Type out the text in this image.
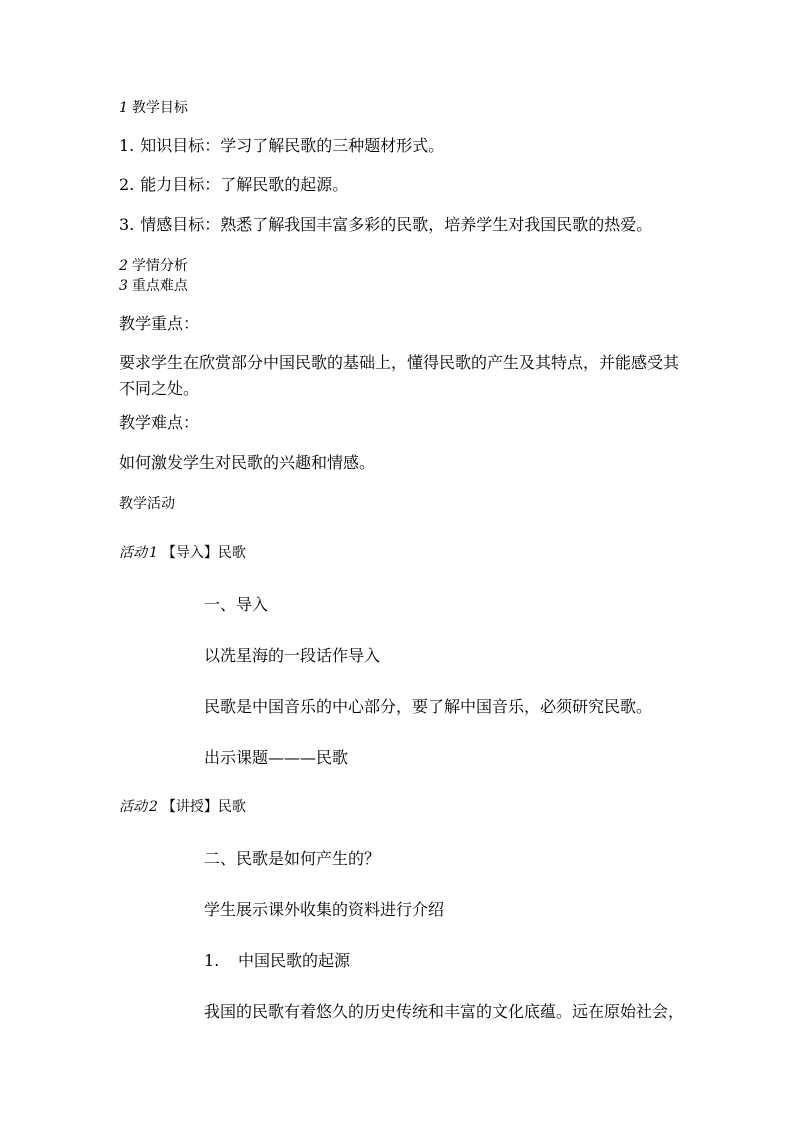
1 教学目标
1. 知识目标：学习了解民歌的三种题材形式。
2. 能力目标：了解民歌的起源。
3. 情感目标：熟悉了解我国丰富多彩的民歌，培养学生对我国民歌的热爱。
2 学情分析
3 重点难点
教学重点：
要求学生在欣赏部分中国民歌的基础上，懂得民歌的产生及其特点，并能感受其不同之处。
教学难点：
如何激发学生对民歌的兴趣和情感。
教学活动
活动 1 【导入】民歌
一、导入
以冼星海的一段话作导入
民歌是中国音乐的中心部分，要了解中国音乐，必须研究民歌。
出示课题———民歌
活动 2 【讲授】民歌
二、民歌是如何产生的？
学生展示课外收集的资料进行介绍
1. 中国民歌的起源
我国的民歌有着悠久的历史传统和丰富的文化底蕴。远在原始社会，
